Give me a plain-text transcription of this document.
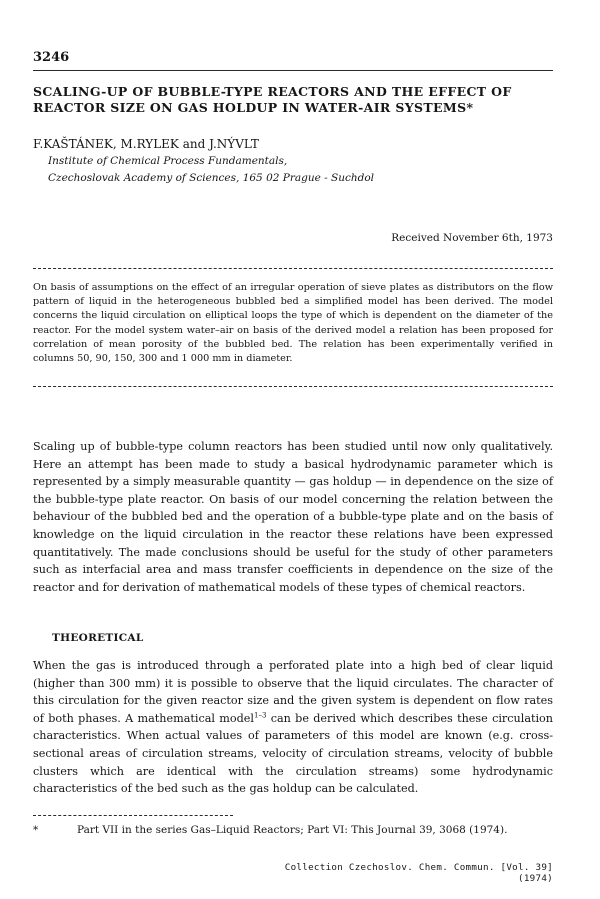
3246
SCALING-UP OF BUBBLE-TYPE REACTORS AND THE EFFECT OF REACTOR SIZE ON GAS HOLDUP IN WATER-AIR SYSTEMS*
F.KAŠTÁNEK, M.RYLEK and J.NÝVLT
Institute of Chemical Process Fundamentals,
Czechoslovak Academy of Sciences, 165 02 Prague - Suchdol
Received November 6th, 1973
On basis of assumptions on the effect of an irregular operation of sieve plates as distributors on the flow pattern of liquid in the heterogeneous bubbled bed a simplified model has been derived. The model concerns the liquid circulation on elliptical loops the type of which is dependent on the diameter of the reactor. For the model system water–air on basis of the derived model a relation has been proposed for correlation of mean porosity of the bubbled bed. The relation has been experimentally verified in columns 50, 90, 150, 300 and 1 000 mm in diameter.

Scaling up of bubble-type column reactors has been studied until now only qualitatively. Here an attempt has been made to study a basical hydrodynamic parameter which is represented by a simply measurable quantity — gas holdup — in dependence on the size of the bubble-type plate reactor. On basis of our model concerning the relation between the behaviour of the bubbled bed and the operation of a bubble-type plate and on the basis of knowledge on the liquid circulation in the reactor these relations have been expressed quantitatively. The made conclusions should be useful for the study of other parameters such as interfacial area and mass transfer coefficients in dependence on the size of the reactor and for derivation of mathematical models of these types of chemical reactors.

THEORETICAL

When the gas is introduced through a perforated plate into a high bed of clear liquid (higher than 300 mm) it is possible to observe that the liquid circulates. The character of this circulation for the given reactor size and the given system is dependent on flow rates of both phases. A mathematical model$^{1-3}$ can be derived which describes these circulation characteristics. When actual values of parameters of this model are known (e.g. cross-sectional areas of circulation streams, velocity of circulation streams, velocity of bubble clusters which are identical with the circulation streams) some hydrodynamic characteristics of the bed such as the gas holdup can be calculated.

*	Part VII in the series Gas–Liquid Reactors; Part VI: This Journal 39, 3068 (1974).
Collection Czechoslov. Chem. Commun. [Vol. 39] (1974)
